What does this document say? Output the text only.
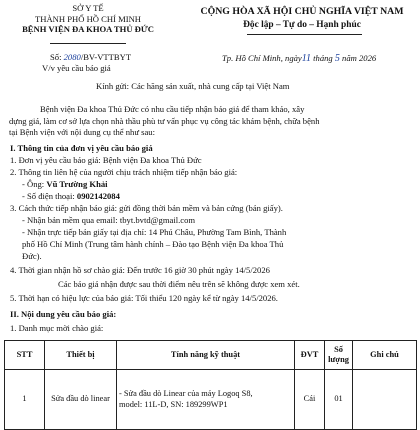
SỞ Y TẾ
THÀNH PHỐ HỒ CHÍ MINH
BỆNH VIỆN ĐA KHOA THỦ ĐỨC
Số: 2080/BV-VTTBYT
V/v yêu cầu báo giá
CỘNG HÒA XÃ HỘI CHỦ NGHĨA VIỆT NAM
Độc lập – Tự do – Hạnh phúc
Tp. Hồ Chí Minh, ngày11 tháng 5 năm 2026
Kính gửi: Các hãng sản xuất, nhà cung cấp tại Việt Nam
Bệnh viện Đa khoa Thủ Đức có nhu cầu tiếp nhận báo giá để tham khảo, xây
dựng giá, làm cơ sở lựa chọn nhà thầu phù tư vấn phục vụ công tác khám bệnh, chữa bệnh
tại Bệnh viện với nội dung cụ thể như sau:
I. Thông tin của đơn vị yêu cầu báo giá
1. Đơn vị yêu cầu báo giá: Bệnh viện Đa khoa Thủ Đức
2. Thông tin liên hệ của người chịu trách nhiệm tiếp nhận báo giá:
- Ông: Vũ Trường Khải
- Số điện thoại: 0902142084
3. Cách thức tiếp nhận báo giá: gửi đồng thời bản mềm và bản cứng (bản giấy).
- Nhận bản mềm qua email: tbyt.bvtd@gmail.com
- Nhận trực tiếp bản giấy tại địa chỉ: 14 Phú Châu, Phường Tam Bình, Thành
phố Hồ Chí Minh (Trung tâm hành chính – Đào tạo Bệnh viện Đa khoa Thủ
Đức).
4. Thời gian nhận hồ sơ chào giá: Đến trước 16 giờ 30 phút ngày 14/5/2026
Các báo giá nhận được sau thời điểm nêu trên sẽ không được xem xét.
5. Thời hạn có hiệu lực của báo giá: Tối thiểu 120 ngày kể từ ngày 14/5/2026.
II. Nội dung yêu cầu báo giá:
1. Danh mục mời chào giá:
STT	Thiết bị	Tính năng kỹ thuật	ĐVT	Số lượng	Ghi chú
1	Sửa đầu dò linear	- Sửa đầu dò Linear của máy Logoq S8,
model: 11L-D, SN: 189299WP1	Cái	01	
